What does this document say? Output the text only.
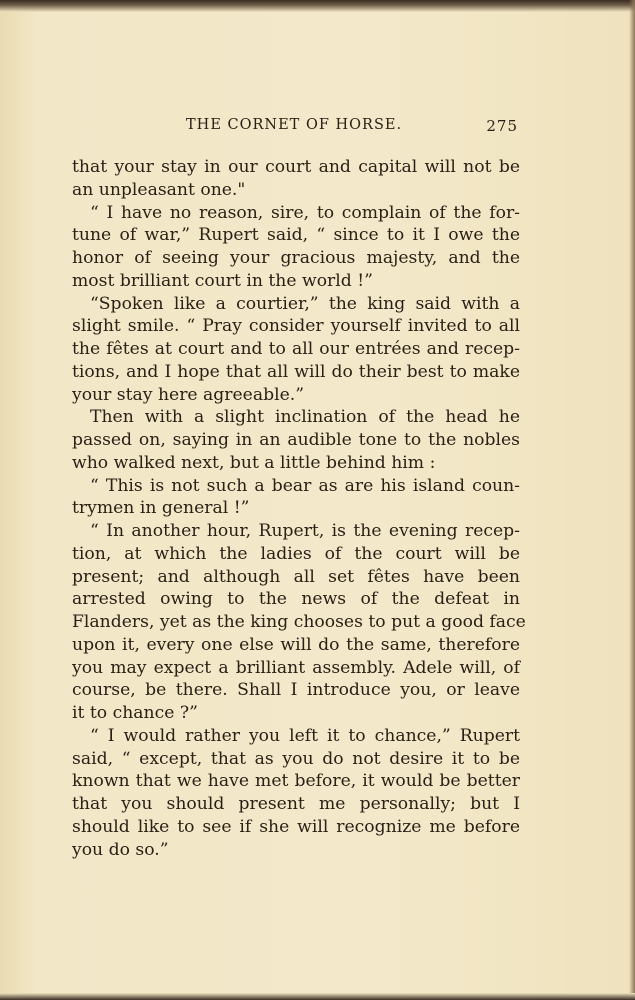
THE CORNET OF HORSE.	275
that your stay in our court and capital will not be
an unpleasant one."
“ I have no reason, sire, to complain of the for-
tune of war,” Rupert said, “ since to it I owe the
honor of seeing your gracious majesty, and the
most brilliant court in the world !”
“Spoken like a courtier,” the king said with a
slight smile. “ Pray consider yourself invited to all
the fêtes at court and to all our entrées and recep-
tions, and I hope that all will do their best to make
your stay here agreeable.”
Then with a slight inclination of the head he
passed on, saying in an audible tone to the nobles
who walked next, but a little behind him :
“ This is not such a bear as are his island coun-
trymen in general !”
“ In another hour, Rupert, is the evening recep-
tion, at which the ladies of the court will be
present; and although all set fêtes have been
arrested owing to the news of the defeat in
Flanders, yet as the king chooses to put a good face
upon it, every one else will do the same, therefore
you may expect a brilliant assembly. Adele will, of
course, be there. Shall I introduce you, or leave
it to chance ?”
“ I would rather you left it to chance,” Rupert
said, “ except, that as you do not desire it to be
known that we have met before, it would be better
that you should present me personally; but I
should like to see if she will recognize me before
you do so.”
